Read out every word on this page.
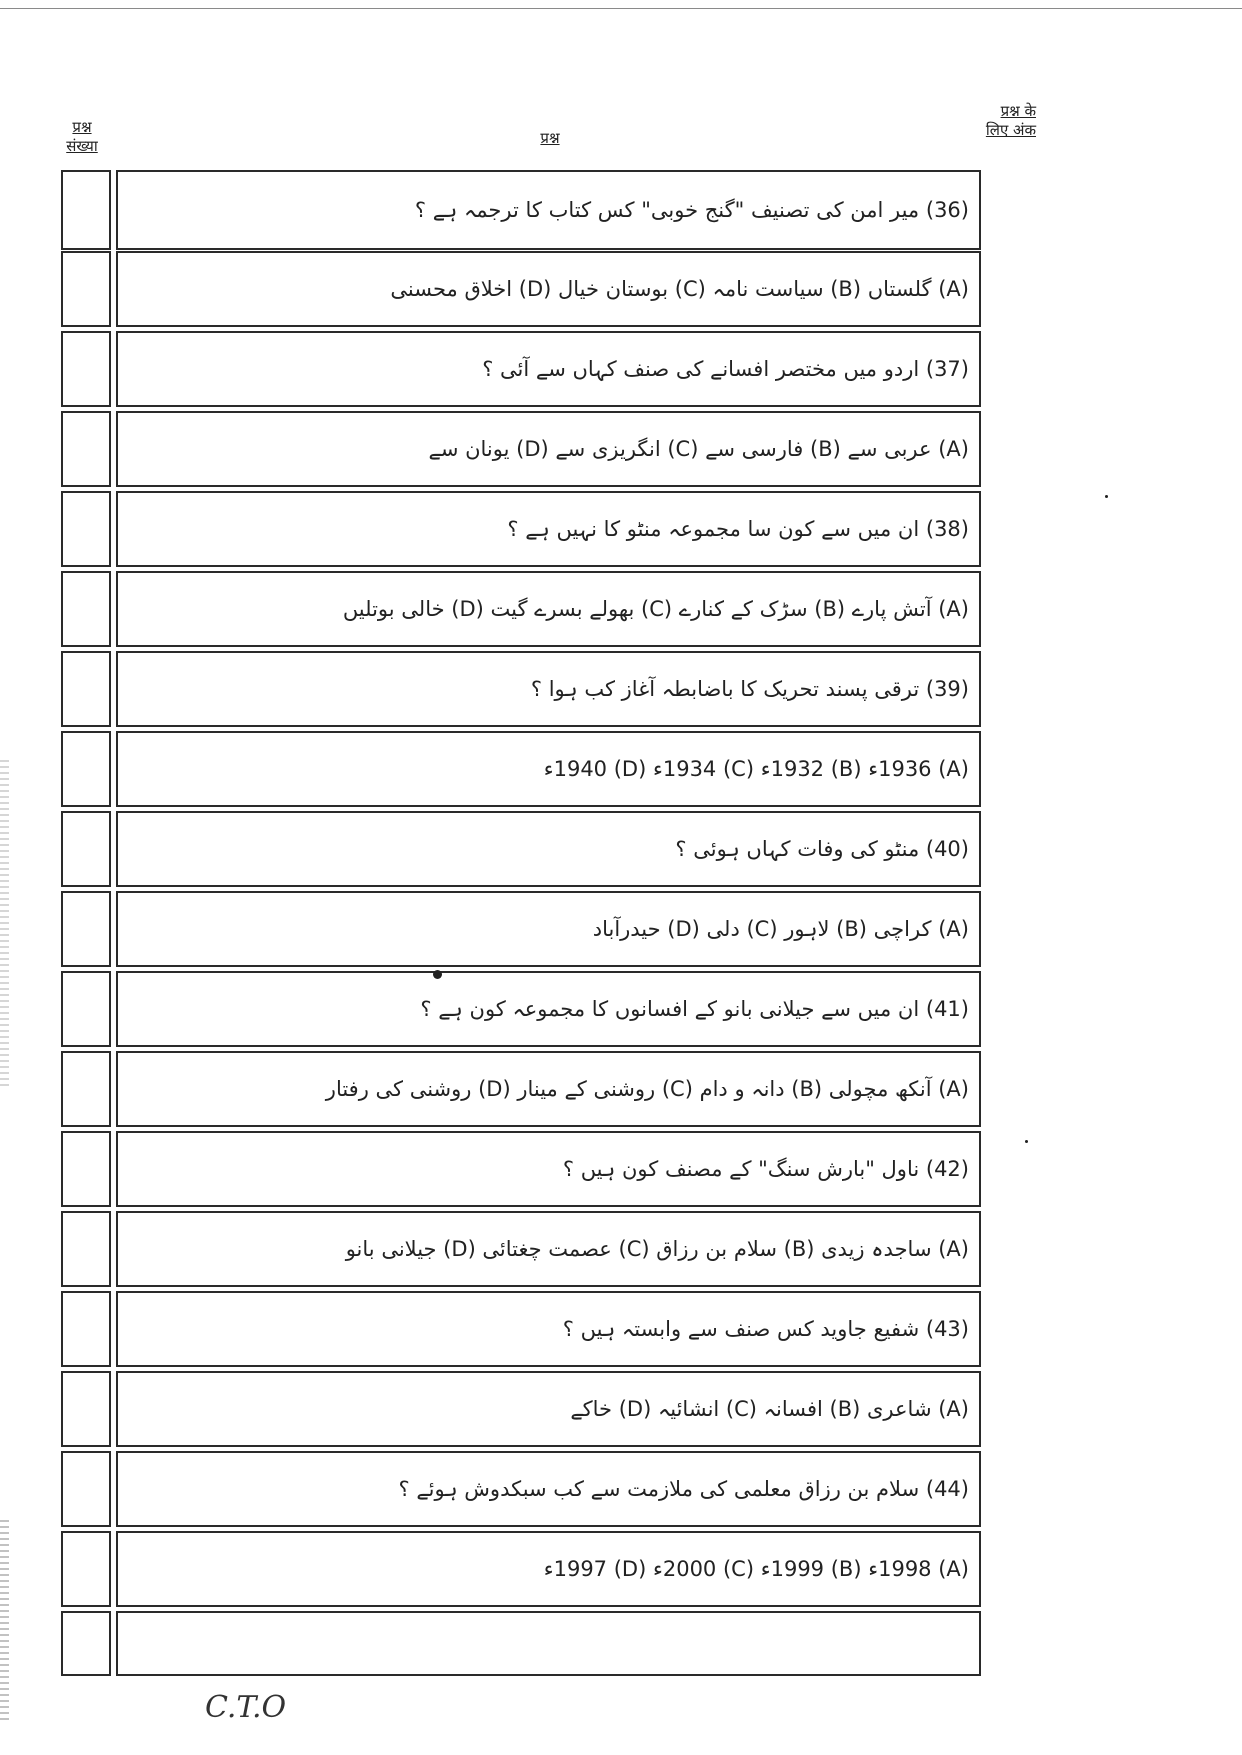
प्रश्न
संख्या	प्रश्न
प्रश्न के
लिए अंक
(36) میر امن کی تصنیف "گنج خوبی" کس کتاب کا ترجمہ ہے ؟
(A) گلستاں (B) سیاست نامہ (C) بوستان خیال (D) اخلاق محسنی
(37) اردو میں مختصر افسانے کی صنف کہاں سے آئی ؟
(A) عربی سے (B) فارسی سے (C) انگریزی سے (D) یونان سے
(38) ان میں سے کون سا مجموعہ منٹو کا نہیں ہے ؟
(A) آتش پارے (B) سڑک کے کنارے (C) بھولے بسرے گیت (D) خالی بوتلیں
(39) ترقی پسند تحریک کا باضابطہ آغاز کب ہوا ؟
(A) 1936ء (B) 1932ء (C) 1934ء (D) 1940ء
(40) منٹو کی وفات کہاں ہوئی ؟
(A) کراچی (B) لاہور (C) دلی (D) حیدرآباد
(41) ان میں سے جیلانی بانو کے افسانوں کا مجموعہ کون ہے ؟
(A) آنکھ مچولی (B) دانہ و دام (C) روشنی کے مینار (D) روشنی کی رفتار
(42) ناول "بارش سنگ" کے مصنف کون ہیں ؟
(A) ساجدہ زیدی (B) سلام بن رزاق (C) عصمت چغتائی (D) جیلانی بانو
(43) شفیع جاوید کس صنف سے وابستہ ہیں ؟
(A) شاعری (B) افسانہ (C) انشائیہ (D) خاکے
(44) سلام بن رزاق معلمی کی ملازمت سے کب سبکدوش ہوئے ؟
(A) 1998ء (B) 1999ء (C) 2000ء (D) 1997ء
C.T.O
